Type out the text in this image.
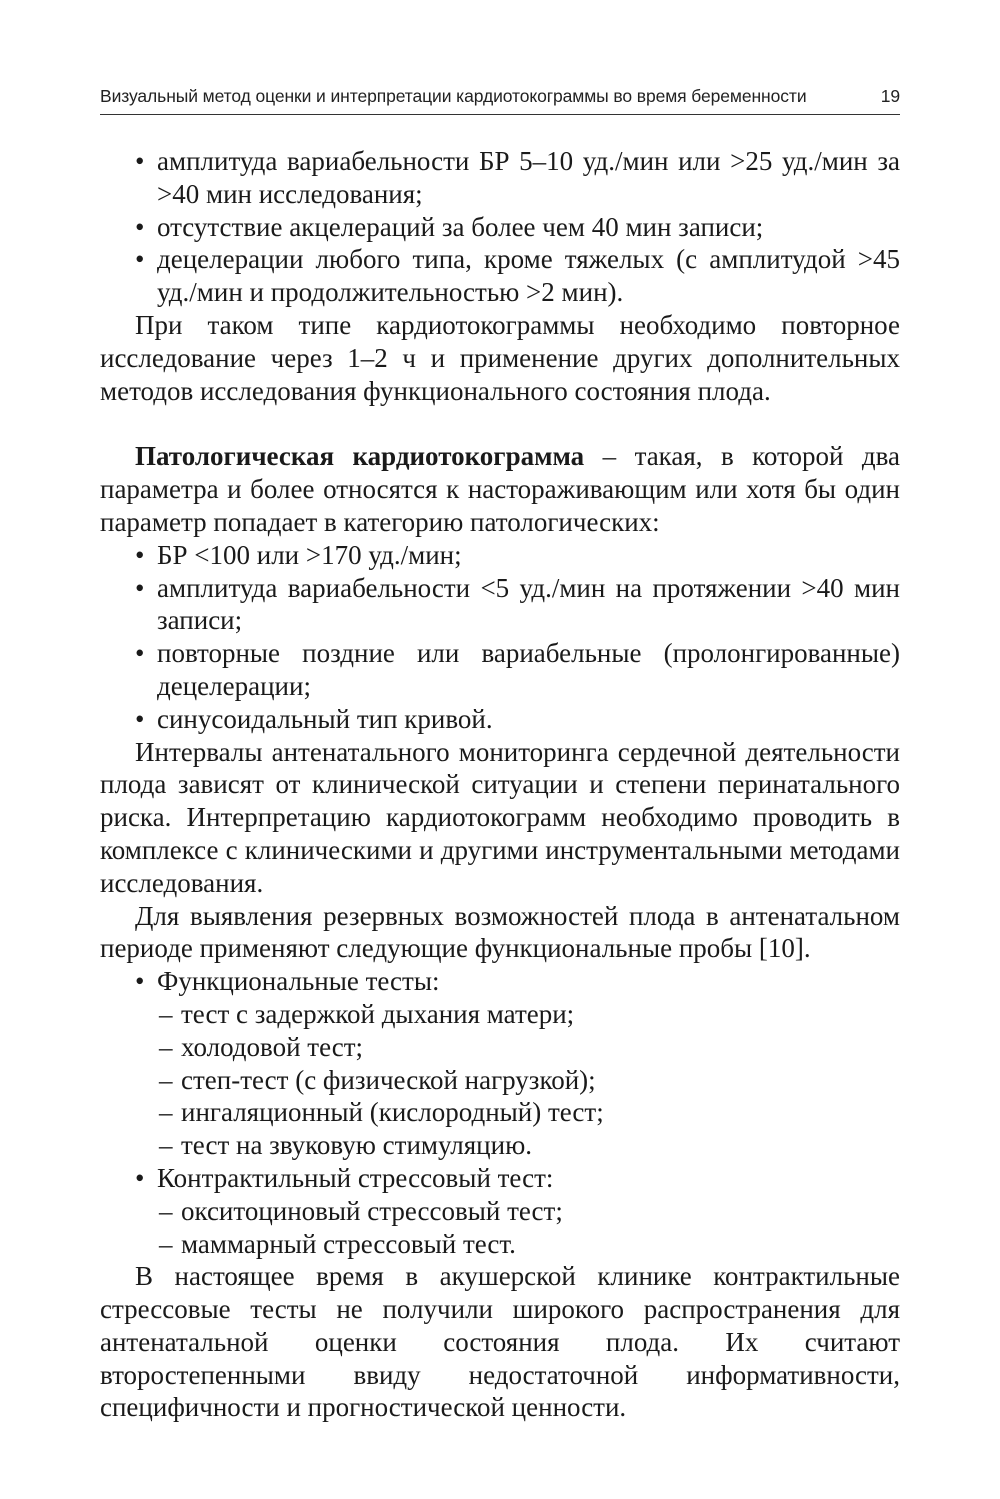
Визуальный метод оценки и интерпретации кардиотокограммы во время беременности	19
• амплитуда вариабельности БР 5–10 уд./мин или >25 уд./мин за >40 мин исследования;
• отсутствие акцелераций за более чем 40 мин записи;
• децелерации любого типа, кроме тяжелых (с амплитудой >45 уд./мин и продолжительностью >2 мин).

При таком типе кардиотокограммы необходимо повторное исследование через 1–2 ч и применение других дополнительных методов исследования функционального состояния плода.

Патологическая кардиотокограмма – такая, в которой два параметра и более относятся к настораживающим или хотя бы один параметр попадает в категорию патологических:

• БР <100 или >170 уд./мин;
• амплитуда вариабельности <5 уд./мин на протяжении >40 мин записи;
• повторные поздние или вариабельные (пролонгированные) децелерации;
• синусоидальный тип кривой.

Интервалы антенатального мониторинга сердечной деятельности плода зависят от клинической ситуации и степени перинатального риска. Интерпретацию кардиотокограмм необходимо проводить в комплексе с клиническими и другими инструментальными методами исследования.

Для выявления резервных возможностей плода в антенатальном периоде применяют следующие функциональные пробы [10].

• Функциональные тесты:
– тест с задержкой дыхания матери;
– холодовой тест;
– степ-тест (с физической нагрузкой);
– ингаляционный (кислородный) тест;
– тест на звуковую стимуляцию.
• Контрактильный стрессовый тест:
– окситоциновый стрессовый тест;
– маммарный стрессовый тест.

В настоящее время в акушерской клинике контрактильные стрессовые тесты не получили широкого распространения для антенатальной оценки состояния плода. Их считают второстепенными ввиду недостаточной информативности, специфичности и прогностической ценности.
